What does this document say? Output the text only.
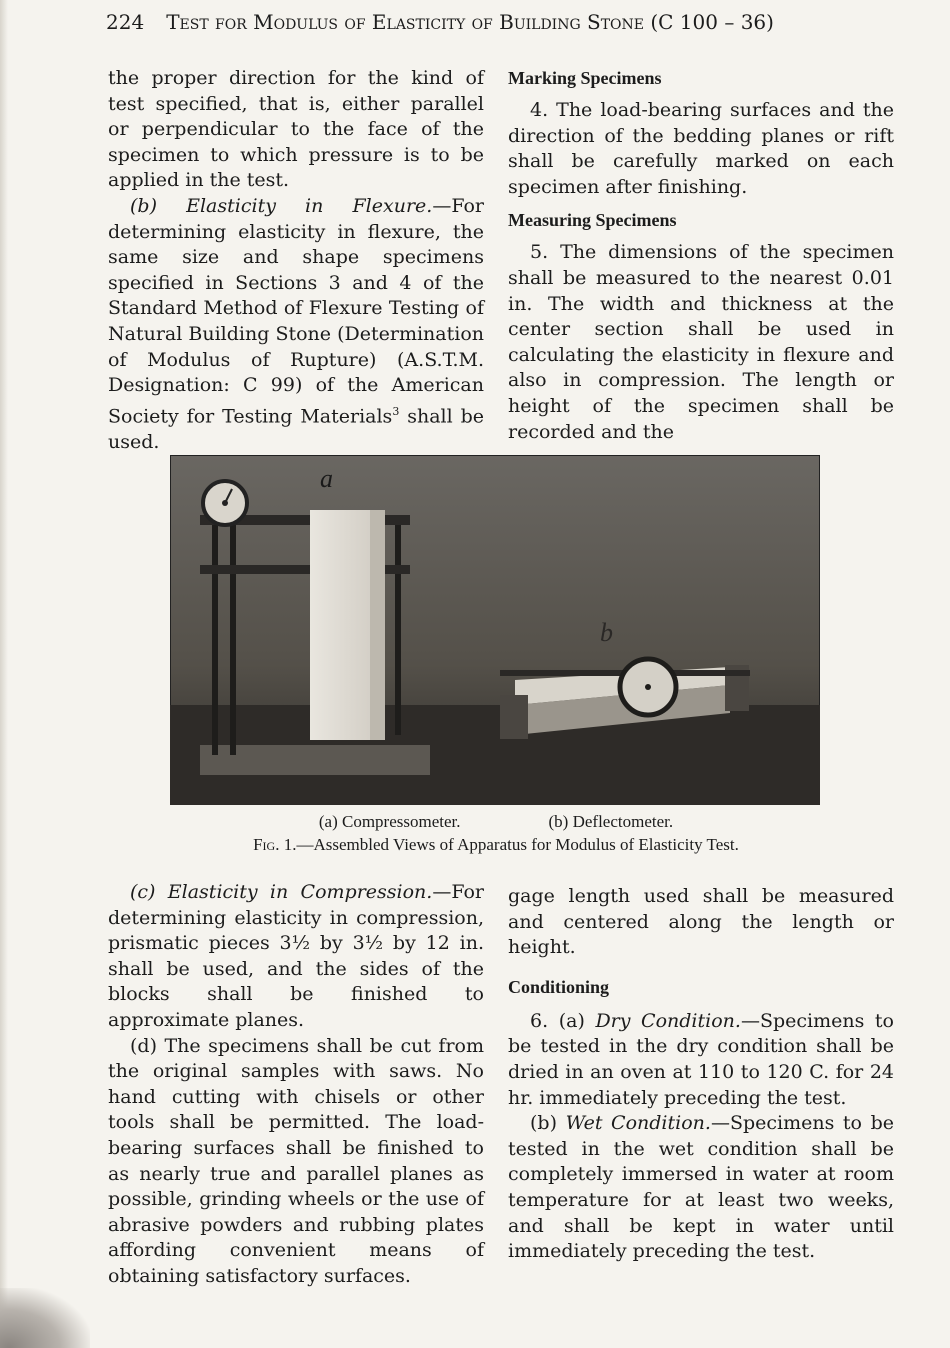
224 Test for Modulus of Elasticity of Building Stone (C 100 – 36)

the proper direction for the kind of test specified, that is, either parallel or perpendicular to the face of the specimen to which pressure is to be applied in the test.

(b) Elasticity in Flexure.—For determining elasticity in flexure, the same size and shape specimens specified in Sections 3 and 4 of the Standard Method of Flexure Testing of Natural Building Stone (Determination of Modulus of Rupture) (A.S.T.M. Designation: C 99) of the American Society for Testing Materials$^3$ shall be used.

Marking Specimens

4. The load-bearing surfaces and the direction of the bedding planes or rift shall be carefully marked on each specimen after finishing.

Measuring Specimens

5. The dimensions of the specimen shall be measured to the nearest 0.01 in. The width and thickness at the center section shall be used in calculating the elasticity in flexure and also in compression. The length or height of the specimen shall be recorded and the

a
b
(a) Compressometer.	(b) Deflectometer.
Fig. 1.—Assembled Views of Apparatus for Modulus of Elasticity Test.

(c) Elasticity in Compression.—For determining elasticity in compression, prismatic pieces 3½ by 3½ by 12 in. shall be used, and the sides of the blocks shall be finished to approximate planes.

(d) The specimens shall be cut from the original samples with saws. No hand cutting with chisels or other tools shall be permitted. The load-bearing surfaces shall be finished to as nearly true and parallel planes as possible, grinding wheels or the use of abrasive powders and rubbing plates affording convenient means of obtaining satisfactory surfaces.

gage length used shall be measured and centered along the length or height.

Conditioning

6. (a) Dry Condition.—Specimens to be tested in the dry condition shall be dried in an oven at 110 to 120 C. for 24 hr. immediately preceding the test.

(b) Wet Condition.—Specimens to be tested in the wet condition shall be completely immersed in water at room temperature for at least two weeks, and shall be kept in water until immediately preceding the test.
